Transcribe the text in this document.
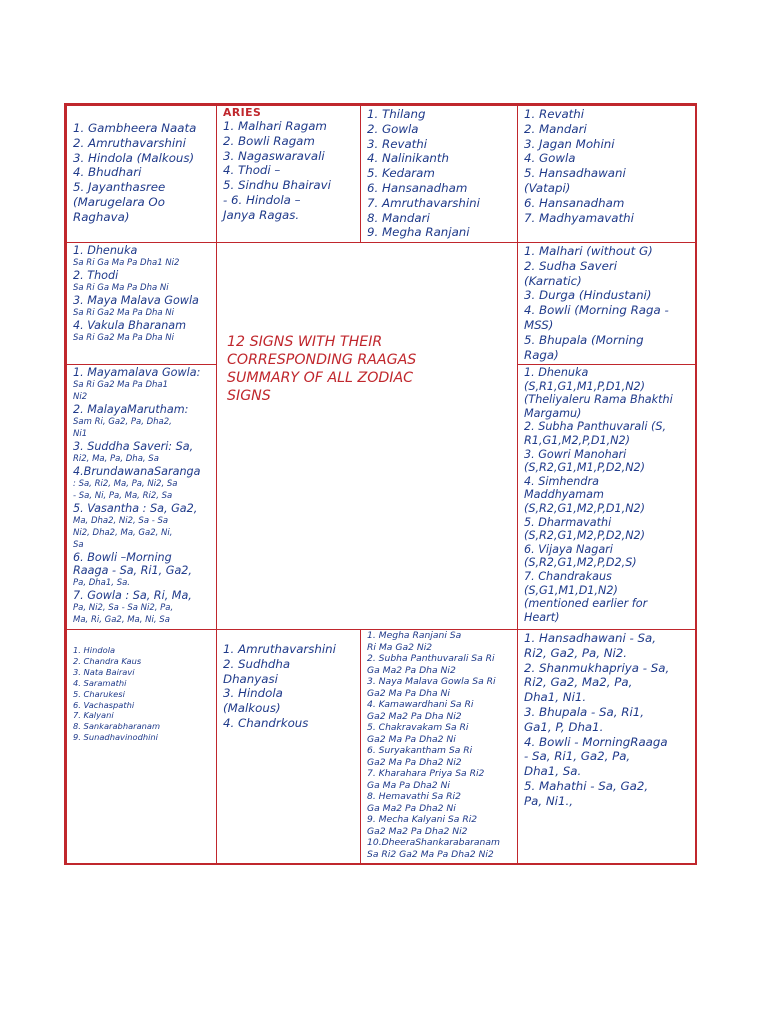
1. Gambheera Naata
2. Amruthavarshini
3. Hindola (Malkous)
4. Bhudhari
5. Jayanthasree
(Marugelara Oo
Raghava)
ARIES
1. Malhari Ragam
2. Bowli Ragam
3. Nagaswaravali
4. Thodi –
5. Sindhu Bhairavi
- 6. Hindola –
Janya Ragas.
1. Thilang
2. Gowla
3. Revathi
4. Nalinikanth
5. Kedaram
6. Hansanadham
7. Amruthavarshini
8. Mandari
9. Megha Ranjani
1. Revathi
2. Mandari
3. Jagan Mohini
4. Gowla
5. Hansadhawani
(Vatapi)
6. Hansanadham
7. Madhyamavathi
1. Dhenuka
Sa Ri Ga Ma Pa Dha1 Ni2
2. Thodi
Sa Ri Ga Ma Pa Dha Ni
3. Maya Malava Gowla
Sa Ri Ga2 Ma Pa Dha Ni
4. Vakula Bharanam
Sa Ri Ga2 Ma Pa Dha Ni	12 SIGNS WITH THEIR
CORRESPONDING RAAGAS
SUMMARY OF ALL ZODIAC
SIGNS
1. Malhari (without G)
2. Sudha Saveri
(Karnatic)
3. Durga (Hindustani)
4. Bowli (Morning Raga -
MSS)
5. Bhupala (Morning
Raga)
1. Mayamalava Gowla:
Sa Ri Ga2 Ma Pa Dha1
Ni2
2. MalayaMarutham:
Sam Ri, Ga2, Pa, Dha2,
Ni1
3. Suddha Saveri: Sa,
Ri2, Ma, Pa, Dha, Sa
4.BrundawanaSaranga
: Sa, Ri2, Ma, Pa, Ni2, Sa
- Sa, Ni, Pa, Ma, Ri2, Sa
5. Vasantha : Sa, Ga2,
Ma, Dha2, Ni2, Sa - Sa
Ni2, Dha2, Ma, Ga2, Ni,
Sa
6. Bowli –Morning
Raaga - Sa, Ri1, Ga2,
Pa, Dha1, Sa.
7. Gowla : Sa, Ri, Ma,
Pa, Ni2, Sa - Sa Ni2, Pa,
Ma, Ri, Ga2, Ma, Ni, Sa
1. Dhenuka
(S,R1,G1,M1,P,D1,N2)
(Theliyaleru Rama Bhakthi
Margamu)
2. Subha Panthuvarali (S,
R1,G1,M2,P,D1,N2)
3. Gowri Manohari
(S,R2,G1,M1,P,D2,N2)
4. Simhendra
Maddhyamam
(S,R2,G1,M2,P,D1,N2)
5. Dharmavathi
(S,R2,G1,M2,P,D2,N2)
6. Vijaya Nagari
(S,R2,G1,M2,P,D2,S)
7. Chandrakaus
(S,G1,M1,D1,N2)
(mentioned earlier for
Heart)
1. Hindola
2. Chandra Kaus
3. Nata Bairavi
4. Saramathi
5. Charukesi
6. Vachaspathi
7. Kalyani
8. Sankarabharanam
9. Sunadhavinodhini
1. Amruthavarshini
2. Sudhdha
Dhanyasi
3. Hindola
(Malkous)
4. Chandrkous
1. Megha Ranjani Sa
Ri Ma Ga2 Ni2
2. Subha Panthuvarali Sa Ri
Ga Ma2 Pa Dha Ni2
3. Naya Malava Gowla Sa Ri
Ga2 Ma Pa Dha Ni
4. Kamawardhani Sa Ri
Ga2 Ma2 Pa Dha Ni2
5. Chakravakam Sa Ri
Ga2 Ma Pa Dha2 Ni
6. Suryakantham Sa Ri
Ga2 Ma Pa Dha2 Ni2
7. Kharahara Priya Sa Ri2
Ga Ma Pa Dha2 Ni
8. Hemavathi Sa Ri2
Ga Ma2 Pa Dha2 Ni
9. Mecha Kalyani Sa Ri2
Ga2 Ma2 Pa Dha2 Ni2
10.DheeraShankarabaranam
Sa Ri2 Ga2 Ma Pa Dha2 Ni2
1. Hansadhawani - Sa,
Ri2, Ga2, Pa, Ni2.
2. Shanmukhapriya - Sa,
Ri2, Ga2, Ma2, Pa,
Dha1, Ni1.
3. Bhupala - Sa, Ri1,
Ga1, P, Dha1.
4. Bowli - MorningRaaga
- Sa, Ri1, Ga2, Pa,
Dha1, Sa.
5. Mahathi - Sa, Ga2,
Pa, Ni1.,
